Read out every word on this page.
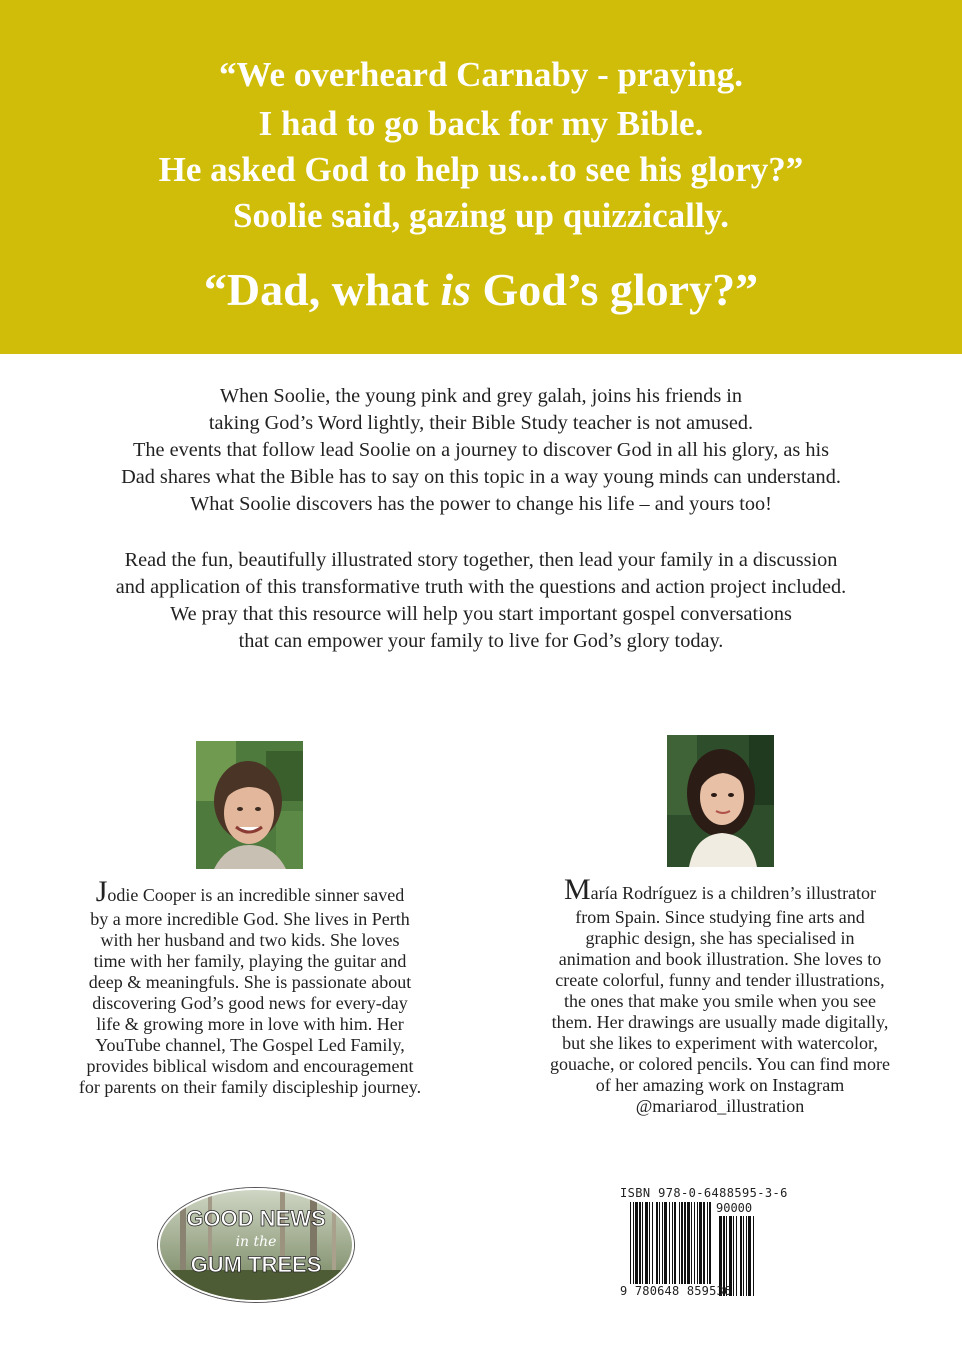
“We overheard Carnaby - praying.
I had to go back for my Bible.
He asked God to help us...to see his glory?”
Soolie said, gazing up quizzically.
“Dad, what is God’s glory?”
When Soolie, the young pink and grey galah, joins his friends in
taking God’s Word lightly, their Bible Study teacher is not amused.
The events that follow lead Soolie on a journey to discover God in all his glory, as his
Dad shares what the Bible has to say on this topic in a way young minds can understand.
What Soolie discovers has the power to change his life – and yours too!
Read the fun, beautifully illustrated story together, then lead your family in a discussion
and application of this transformative truth with the questions and action project included.
We pray that this resource will help you start important gospel conversations
that can empower your family to live for God’s glory today.
Jodie Cooper is an incredible sinner saved
by a more incredible God. She lives in Perth
with her husband and two kids. She loves
time with her family, playing the guitar and
deep & meaningfuls. She is passionate about
discovering God’s good news for every-day
life & growing more in love with him. Her
YouTube channel, The Gospel Led Family,
provides biblical wisdom and encouragement
for parents on their family discipleship journey.
María Rodríguez is a children’s illustrator
from Spain. Since studying fine arts and
graphic design, she has specialised in
animation and book illustration. She loves to
create colorful, funny and tender illustrations,
the ones that make you smile when you see
them. Her drawings are usually made digitally,
but she likes to experiment with watercolor,
gouache, or colored pencils. You can find more
of her amazing work on Instagram
@mariarod_illustration
GOOD NEWS
in the
GUM TREES
ISBN 978-0-6488595-3-6
90000
9 780648 859536
